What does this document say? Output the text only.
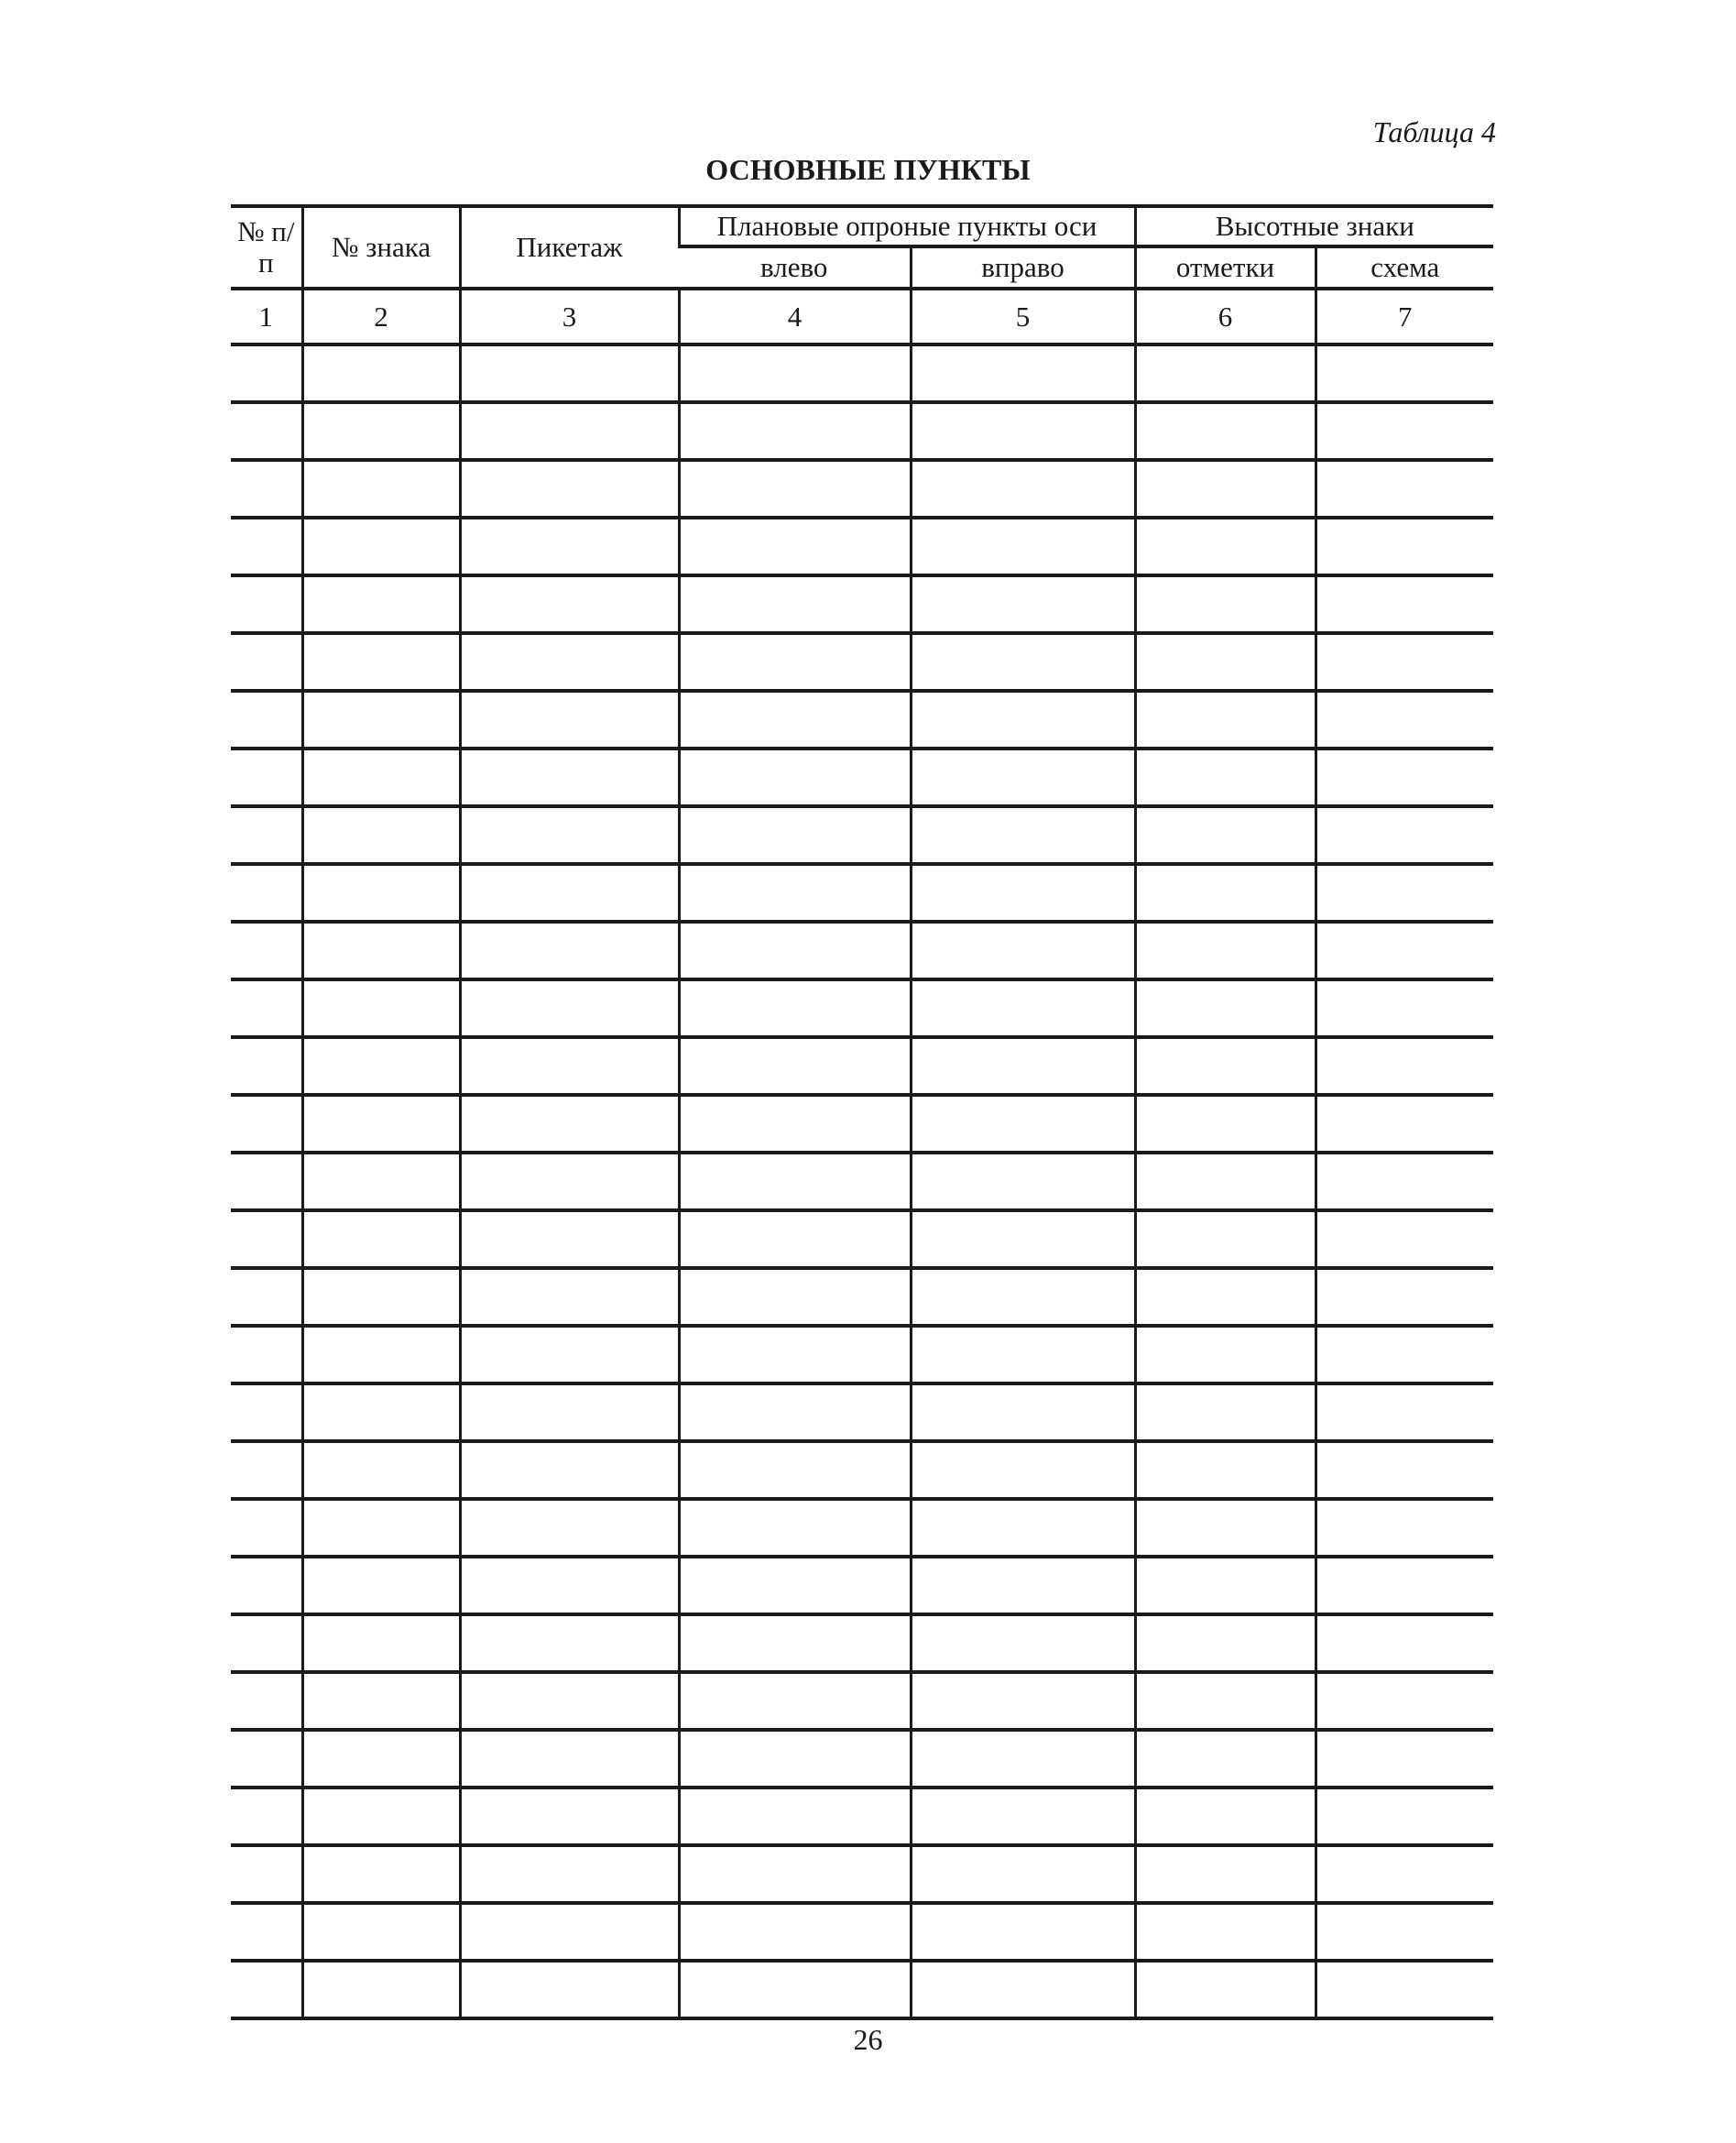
Таблица 4
ОСНОВНЫЕ ПУНКТЫ
№ п/п	№ знака	Пикетаж	Плановые опроные пункты оси		Высотные знаки	
			влево	вправо	отметки	схема
1	2	3	4	5	6	7

26
